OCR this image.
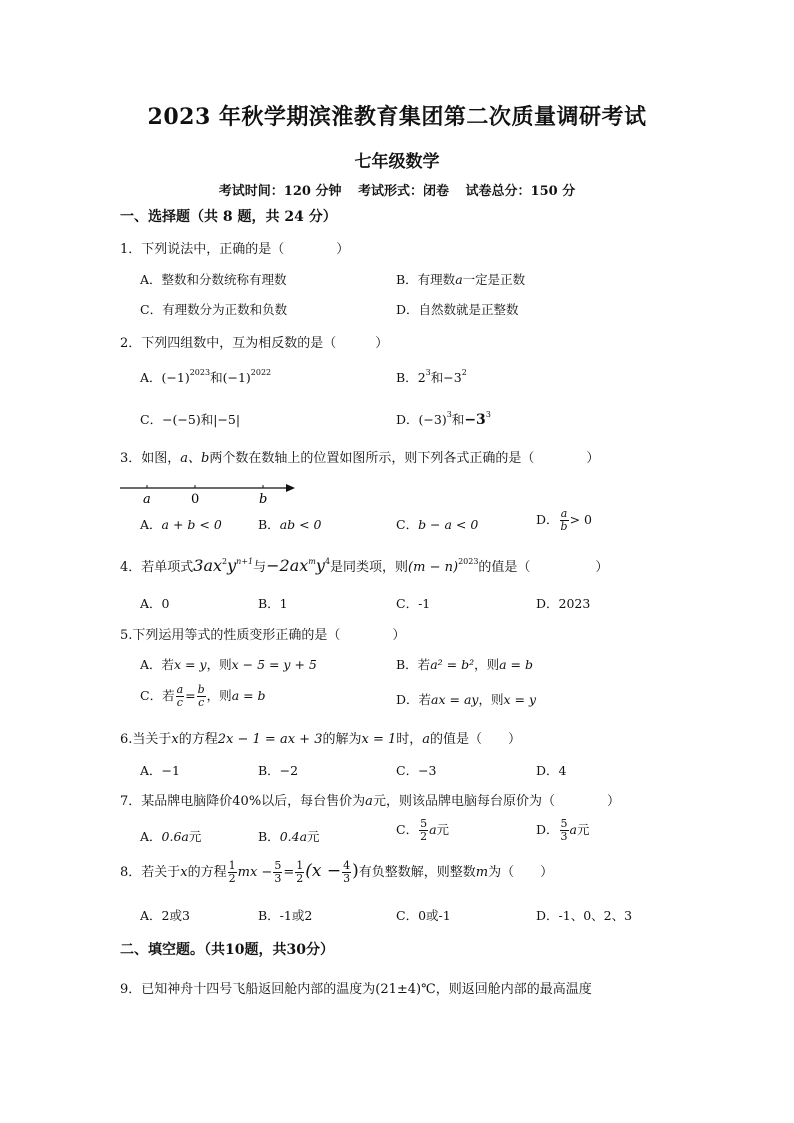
2023 年秋学期滨淮教育集团第二次质量调研考试
七年级数学
考试时间：120 分钟 考试形式：闭卷 试卷总分：150 分
一、选择题（共 8 题，共 24 分）
1．下列说法中，正确的是（　　　　）
A．整数和分数统称有理数	B．有理数a一定是正数
C．有理数分为正数和负数	D．自然数就是正整数
2．下列四组数中，互为相反数的是（　　　）
A．$(-1)^{2023}$和$(-1)^{2022}$	B．$2^3$和$-3^2$
C．−(−5)和|−5|	D．$(-3)^3$和$-3^3$
3．如图，a、b两个数在数轴上的位置如图所示，则下列各式正确的是（　　　　）
a	0	b
A．a + b < 0	B．ab < 0	C．b − a < 0	D． $\frac{a}{b} > 0$
4．若单项式$3ax^2y^{n+1}$与$-2ax^my^4$是同类项，则$(m - n)^{2023}$的值是（　　　　　）
A．0	B．1	C．-1	D．2023
5.下列运用等式的性质变形正确的是（　　　　）
A．若x = y，则x − 5 = y + 5	B．若a² = b²，则a = b
C．若 $\frac{a}{c} = \frac{b}{c}$ ，则a = b	D．若ax = ay，则x = y
6.当关于x的方程2x − 1 = ax + 3的解为x = 1时，a的值是（　　）
A．−1	B．−2	C．−3	D．4
7．某品牌电脑降价40%以后，每台售价为a元，则该品牌电脑每台原价为（　　　　）
A．0.6a元	B．0.4a元	C． $\frac{5}{2}$ a元	D． $\frac{5}{3}$ a元
8．若关于x的方程 $\frac{1}{2}$ mx − $\frac{5}{3} = \frac{1}{2} (x - \frac{4}{3}$ )有负整数解，则整数m为（　　）
A．2或3	B．-1或2	C．0或-1	D．-1、0、2、3
二、填空题。（共10题，共30分）
9．已知神舟十四号飞船返回舱内部的温度为(21±4)℃，则返回舱内部的最高温度
